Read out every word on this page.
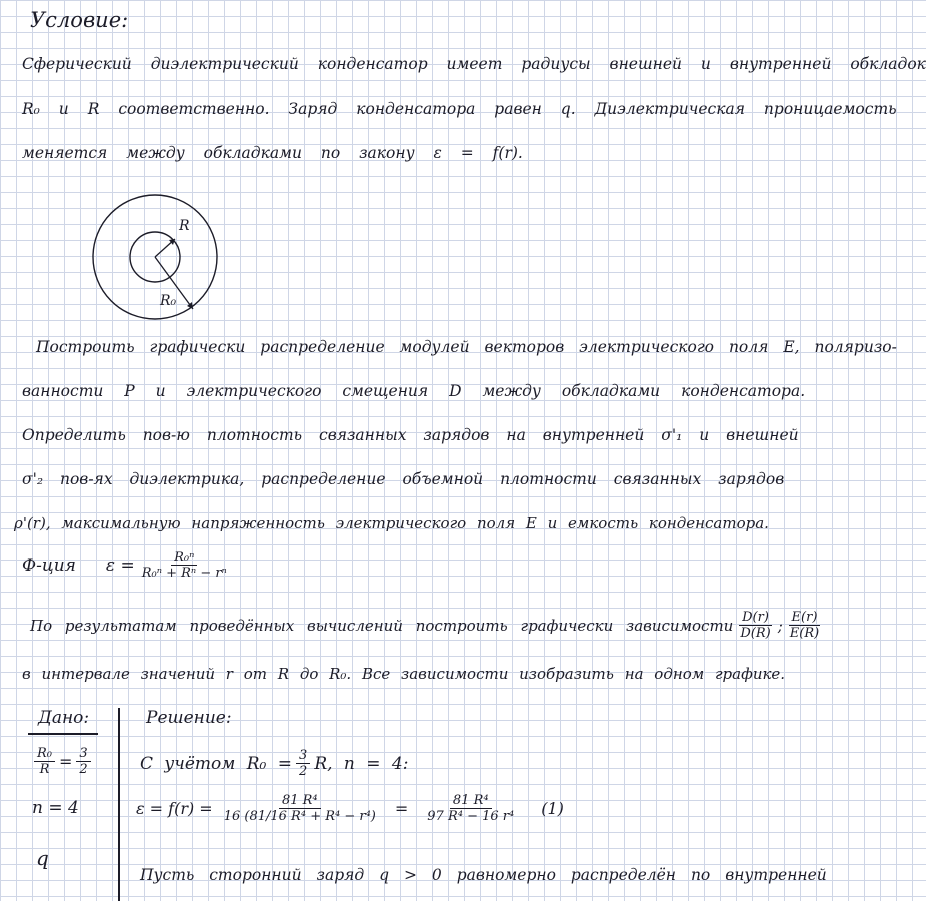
Условие:
Сферический диэлектрический конденсатор имеет радиусы внешней и внутренней обкладок
R₀ и R соответственно. Заряд конденсатора равен q. Диэлектрическая проницаемость
меняется между обкладками по закону ε = f(r).
R
R₀
Построить графически распределение модулей векторов электрического поля E, поляризо-
ванности P и электрического смещения D между обкладками конденсатора.
Определить пов-ю плотность связанных зарядов на внутренней σ'₁ и внешней
σ'₂ пов-ях диэлектрика, распределение объемной плотности связанных зарядов
ρ'(r), максимальную напряженность электрического поля E и емкость конденсатора.
Ф-ция $\varepsilon = \frac{\text{R₀ⁿ}}{\text{R₀ⁿ + Rⁿ − rⁿ}}$
По результатам проведённых вычислений построить графически зависимости $\frac{D(r)}{D(R)}$ ; $\frac{E(r)}{E(R)}$
в интервале значений r от R до R₀. Все зависимости изобразить на одном графике.
Дано:
$\frac{\text{R₀}}{R} = \frac{3}{2}$
n = 4
q
Решение:
С учётом $R_0 = \frac{3}{2} R$, n = 4:
$\varepsilon = f(r) = \frac{\text{81 R⁴}}{\text{16 (81/16 R⁴ + R⁴ − r⁴)}} = \frac{\text{81 R⁴}}{\text{97 R⁴ − 16 r⁴}} (1)$
Пусть сторонний заряд q > 0 равномерно распределён по внутренней
